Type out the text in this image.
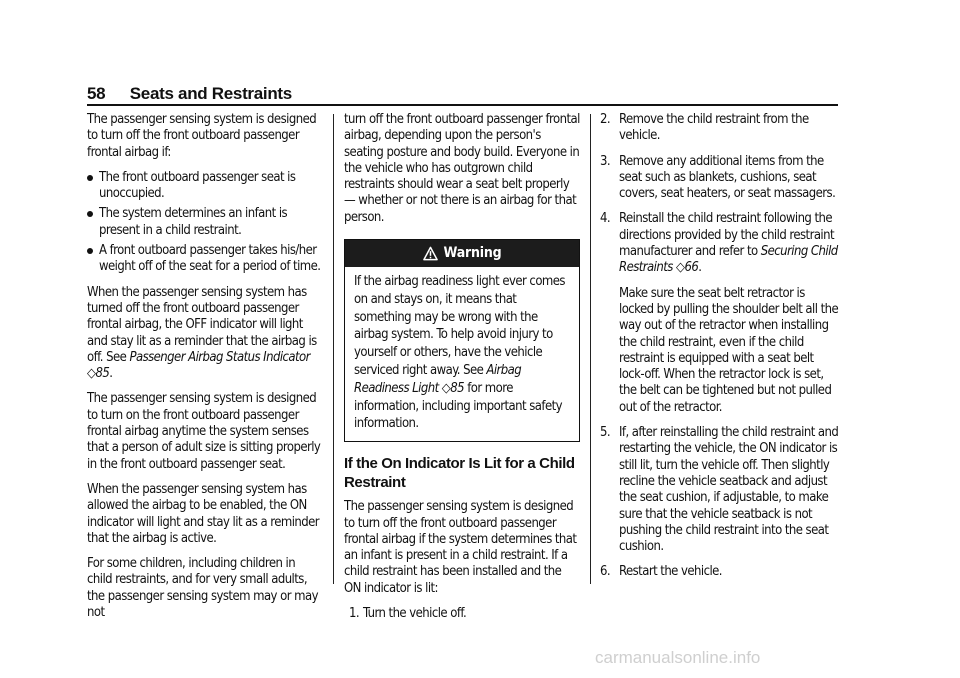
58 Seats and Restraints

The passenger sensing system is designed to turn off the front outboard passenger frontal airbag if:

The front outboard passenger seat is unoccupied.
The system determines an infant is present in a child restraint.
A front outboard passenger takes his/her weight off of the seat for a period of time.

When the passenger sensing system has turned off the front outboard passenger frontal airbag, the OFF indicator will light and stay lit as a reminder that the airbag is off. See Passenger Airbag Status Indicator ◇85.

The passenger sensing system is designed to turn on the front outboard passenger frontal airbag anytime the system senses that a person of adult size is sitting properly in the front outboard passenger seat.

When the passenger sensing system has allowed the airbag to be enabled, the ON indicator will light and stay lit as a reminder that the airbag is active.

For some children, including children in child restraints, and for very small adults, the passenger sensing system may or may not

turn off the front outboard passenger frontal airbag, depending upon the person's seating posture and body build. Everyone in the vehicle who has outgrown child restraints should wear a seat belt properly — whether or not there is an airbag for that person.

Warning
If the airbag readiness light ever comes on and stays on, it means that something may be wrong with the airbag system. To help avoid injury to yourself or others, have the vehicle serviced right away. See Airbag Readiness Light ◇85 for more information, including important safety information.
If the On Indicator Is Lit for a Child Restraint

The passenger sensing system is designed to turn off the front outboard passenger frontal airbag if the system determines that an infant is present in a child restraint. If a child restraint has been installed and the ON indicator is lit:

1. Turn the vehicle off.
2. Remove the child restraint from the vehicle.
3. Remove any additional items from the seat such as blankets, cushions, seat covers, seat heaters, or seat massagers.
4. Reinstall the child restraint following the directions provided by the child restraint manufacturer and refer to Securing Child Restraints ◇66.

Make sure the seat belt retractor is locked by pulling the shoulder belt all the way out of the retractor when installing the child restraint, even if the child restraint is equipped with a seat belt lock-off. When the retractor lock is set, the belt can be tightened but not pulled out of the retractor.

5. If, after reinstalling the child restraint and restarting the vehicle, the ON indicator is still lit, turn the vehicle off. Then slightly recline the vehicle seatback and adjust the seat cushion, if adjustable, to make sure that the vehicle seatback is not pushing the child restraint into the seat cushion.
6. Restart the vehicle.
carmanualsonline.info
